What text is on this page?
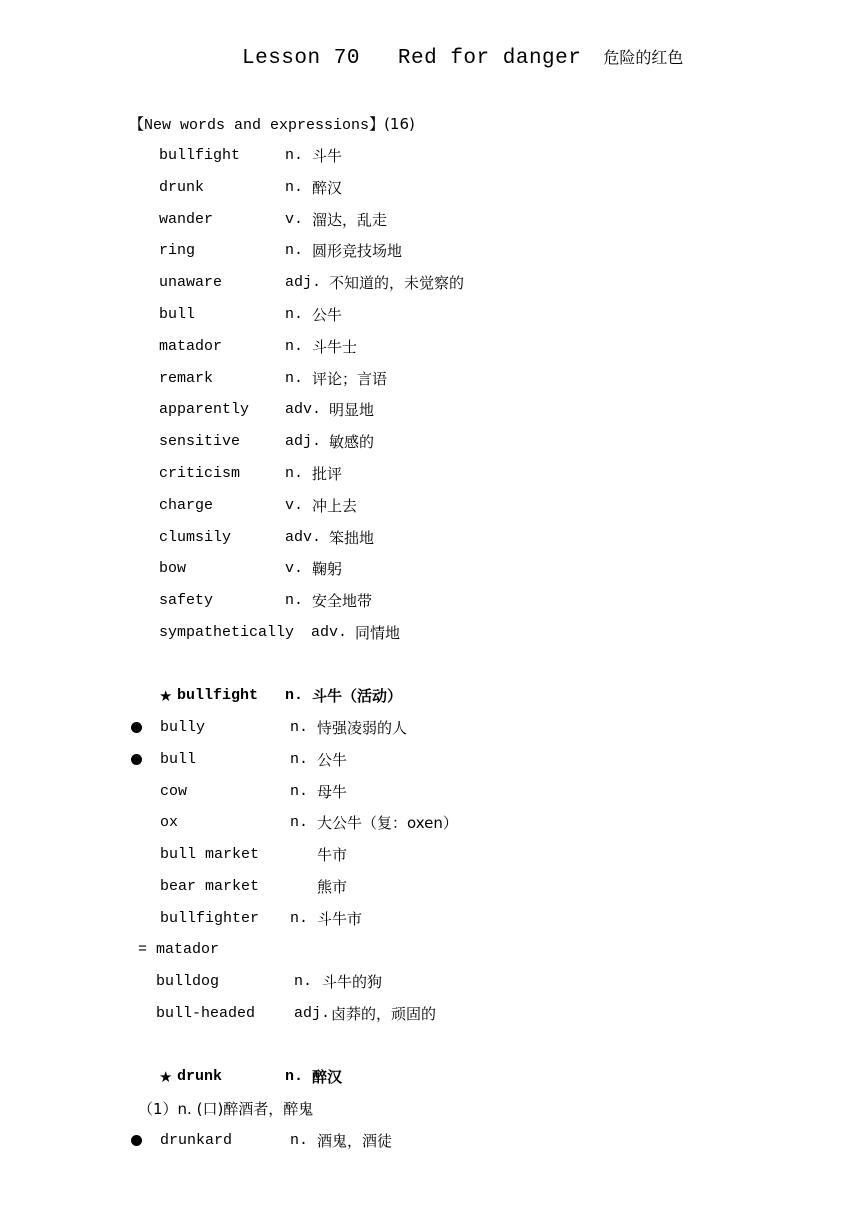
Lesson 70 Red for danger 危险的红色
【New words and expressions】(16)
bullfight	n. 斗牛
drunk	n. 醉汉
wander	v. 溜达，乱走
ring	n. 圆形竞技场地
unaware	adj. 不知道的，未觉察的
bull	n. 公牛
matador	n. 斗牛士
remark	n. 评论；言语
apparently adv. 明显地
sensitive	adj. 敏感的
criticism	n. 批评
charge	v. 冲上去
clumsily	adv. 笨拙地
bow	v. 鞠躬
safety	n. 安全地带
sympathetically adv. 同情地
★ bullfight n. 斗牛（活动）
bully	n. 恃强凌弱的人
bull	n. 公牛
cow	n. 母牛
ox	n. 大公牛（复：oxen）
bull market	牛市
bear market	熊市
bullfighter n. 斗牛市
= matador
bulldog	n. 斗牛的狗
bull-headed	adj. 卤莽的，顽固的
★ drunk	n. 醉汉
（1）n. (口)醉酒者，醉鬼
drunkard	n. 酒鬼，酒徒
